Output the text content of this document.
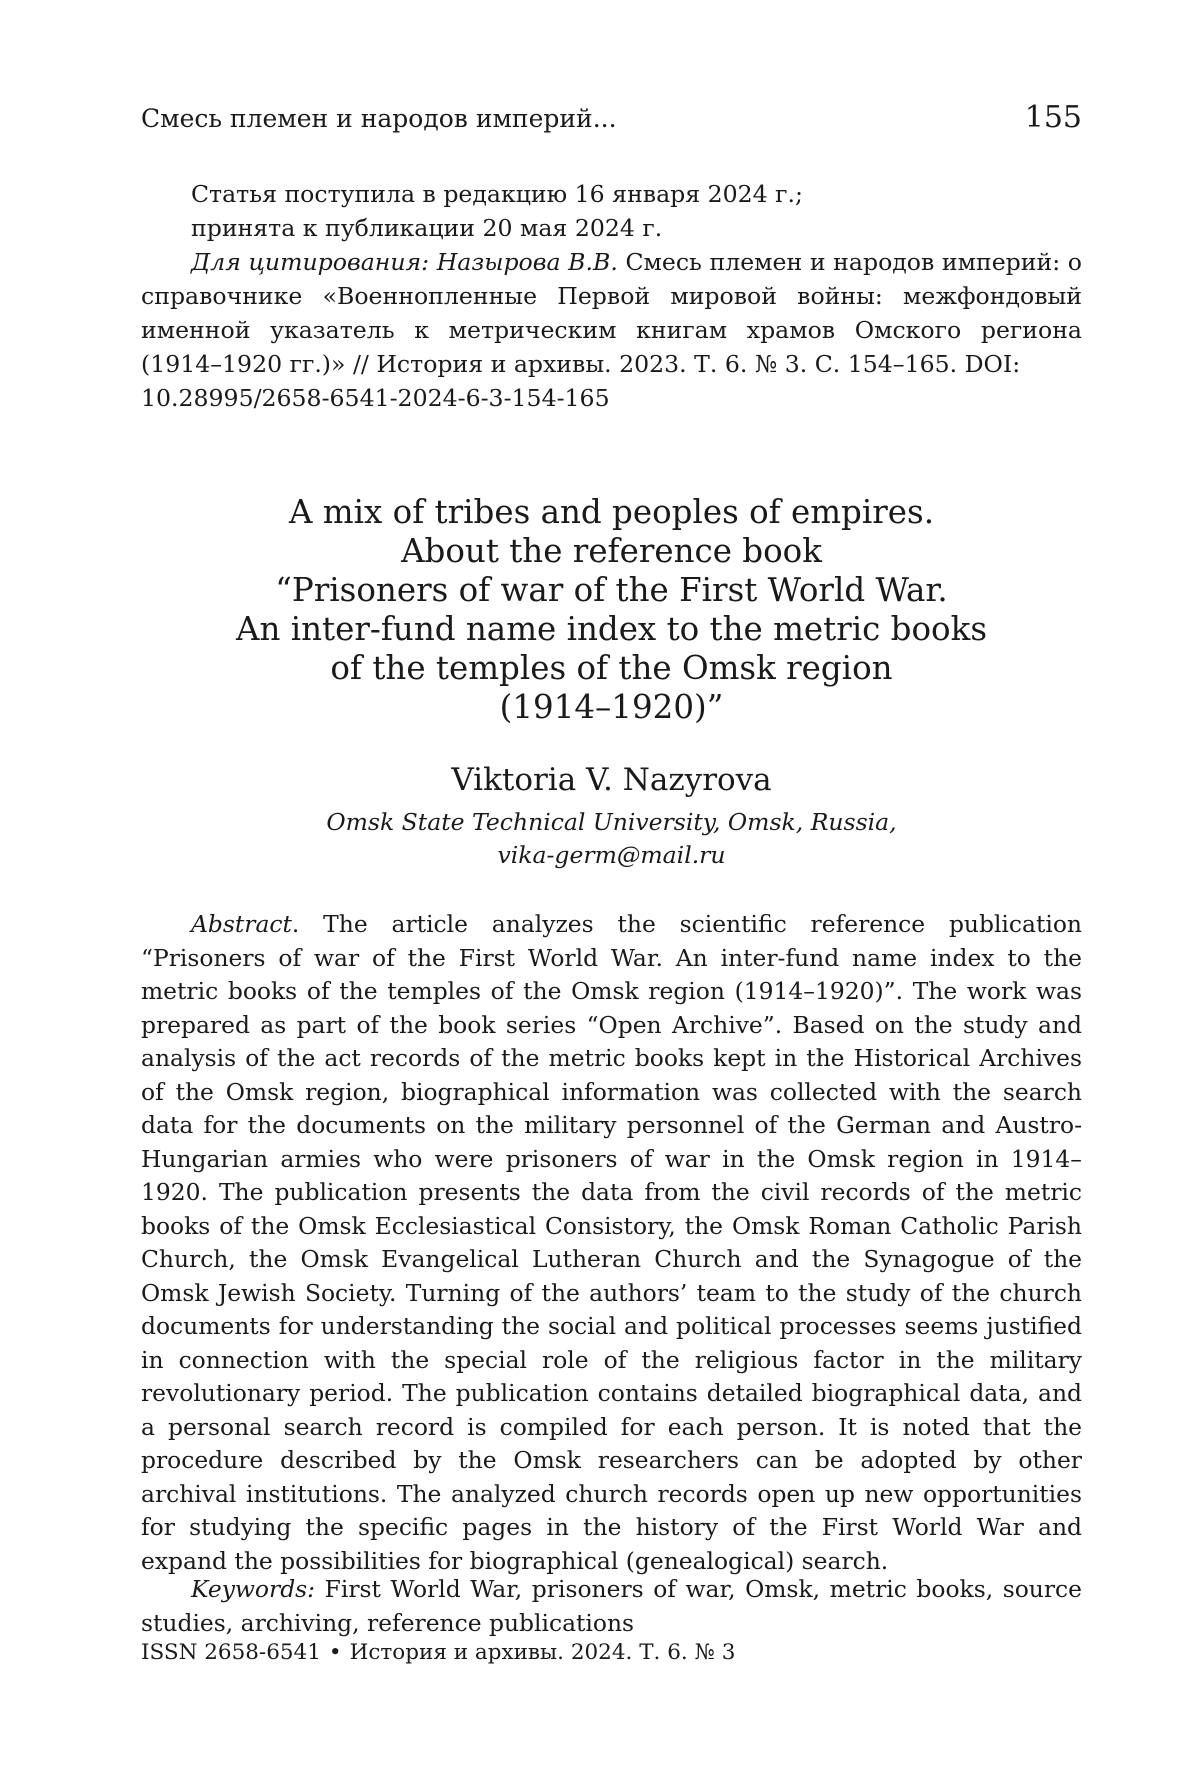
Смесь племен и народов империй...	155
Статья поступила в редакцию 16 января 2024 г.;
принята к публикации 20 мая 2024 г.

Для цитирования: Назырова В.В. Смесь племен и народов империй: о справочнике «Военнопленные Первой мировой войны: межфондовый именной указатель к метрическим книгам храмов Омского региона (1914–1920 гг.)» // История и архивы. 2023. Т. 6. № 3. С. 154–165. DOI:

10.28995/2658-6541-2024-6-3-154-165

A mix of tribes and peoples of empires.
About the reference book
“Prisoners of war of the First World War.
An inter-fund name index to the metric books
of the temples of the Omsk region
(1914–1920)”
Viktoria V. Nazyrova
Omsk State Technical University, Omsk, Russia,
vika-germ@mail.ru

Abstract. The article analyzes the scientific reference publication “Prisoners of war of the First World War. An inter-fund name index to the metric books of the temples of the Omsk region (1914–1920)”. The work was prepared as part of the book series “Open Archive”. Based on the study and analysis of the act records of the metric books kept in the Historical Archives of the Omsk region, biographical information was collected with the search data for the documents on the military personnel of the German and Austro-Hungarian armies who were prisoners of war in the Omsk region in 1914–1920. The publication presents the data from the civil records of the metric books of the Omsk Ecclesiastical Consistory, the Omsk Roman Catholic Parish Church, the Omsk Evangelical Lutheran Church and the Synagogue of the Omsk Jewish Society. Turning of the authors’ team to the study of the church documents for understanding the social and political processes seems justified in connection with the special role of the religious factor in the military revolutionary period. The publication contains detailed biographical data, and a personal search record is compiled for each person. It is noted that the procedure described by the Omsk researchers can be adopted by other archival institutions. The analyzed church records open up new opportunities for studying the specific pages in the history of the First World War and expand the possibilities for biographical (genealogical) search.

Keywords: First World War, prisoners of war, Omsk, metric books, source studies, archiving, reference publications

ISSN 2658-6541 • История и архивы. 2024. Т. 6. № 3
